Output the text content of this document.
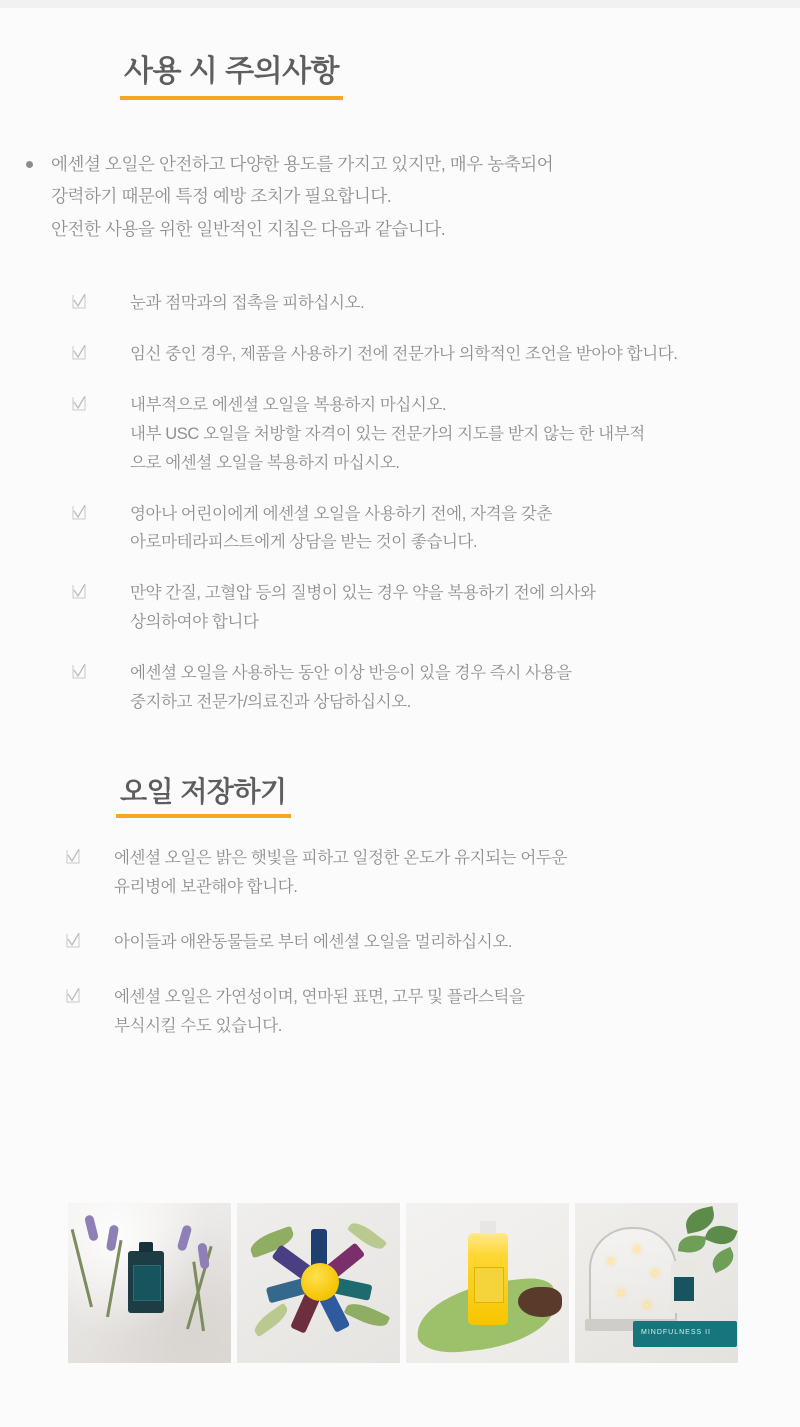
사용 시 주의사항
에센셜 오일은 안전하고 다양한 용도를 가지고 있지만, 매우 농축되어
강력하기 때문에 특정 예방 조치가 필요합니다.
안전한 사용을 위한 일반적인 지침은 다음과 같습니다.
눈과 점막과의 접촉을 피하십시오.
임신 중인 경우, 제품을 사용하기 전에 전문가나 의학적인 조언을 받아야 합니다.
내부적으로 에센셜 오일을 복용하지 마십시오.
내부 USC 오일을 처방할 자격이 있는 전문가의 지도를 받지 않는 한 내부적
으로 에센셜 오일을 복용하지 마십시오.
영아나 어린이에게 에센셜 오일을 사용하기 전에, 자격을 갖춘
아로마테라피스트에게 상담을 받는 것이 좋습니다.
만약 간질, 고혈압 등의 질병이 있는 경우 약을 복용하기 전에 의사와
상의하여야 합니다
에센셜 오일을 사용하는 동안 이상 반응이 있을 경우 즉시 사용을
중지하고 전문가/의료진과 상담하십시오.
오일 저장하기
에센셜 오일은 밝은 햇빛을 피하고 일정한 온도가 유지되는 어두운
유리병에 보관해야 합니다.
아이들과 애완동물들로 부터 에센셜 오일을 멀리하십시오.
에센셜 오일은 가연성이며, 연마된 표면, 고무 및 플라스틱을
부식시킬 수도 있습니다.
MINDFULNESS II
